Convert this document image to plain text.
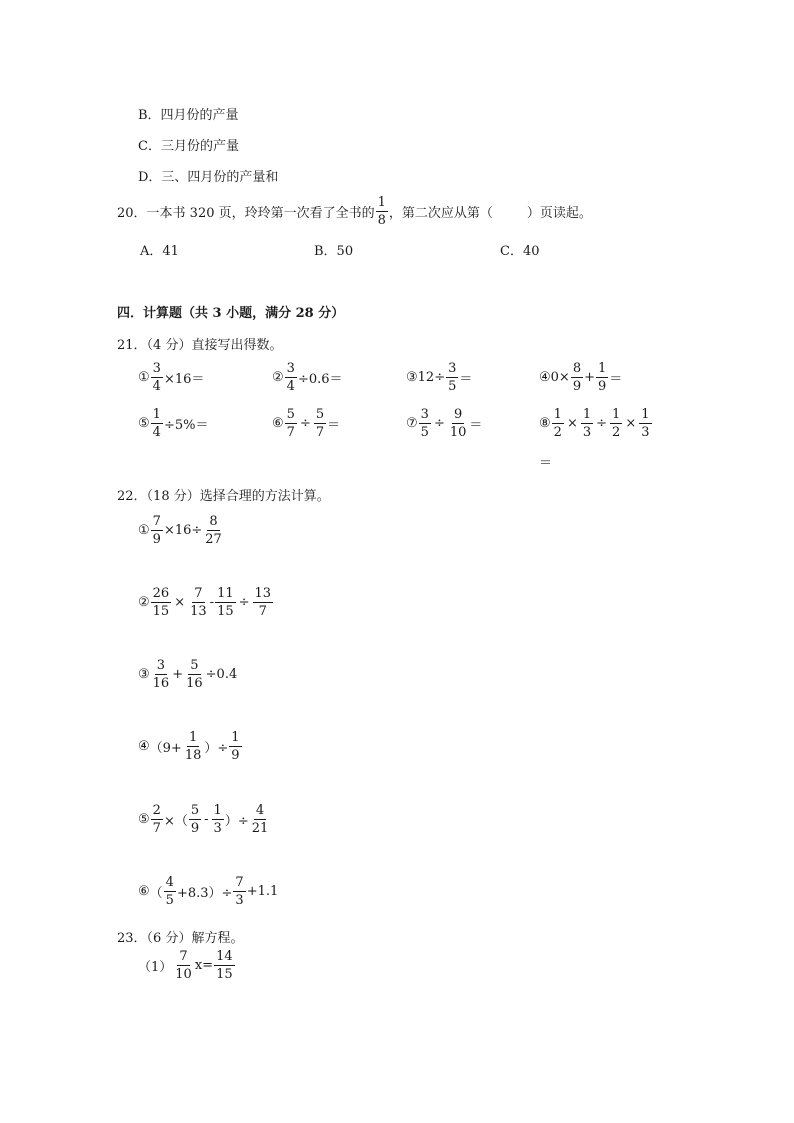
B．四月份的产量
C．三月份的产量
D．三、四月份的产量和
20．一本书 320 页，玲玲第一次看了全书的 $\frac{1}{8}$ ，第二次应从第（	）页读起。
A．41	B．50	C．40
四．计算题（共 3 小题，满分 28 分）
21．（4 分）直接写出得数。
① $\frac{3}{4} \times 16=$	② $\frac{3}{4} \div 0.6=$	③ $12\div \frac{3}{5}$ ＝	④ $0\times \frac{8}{9} + \frac{1}{9}$ ＝
⑤ $\frac{1}{4} \div 5\%=$	⑥ $\frac{5}{7} \div \frac{5}{7}$ ＝	⑦ $\frac{3}{5} \div \frac{9}{10}$ ＝	⑧ $\frac{1}{2} \times \frac{1}{3} \div \frac{1}{2} \times \frac{1}{3}$
＝
22．（18 分）选择合理的方法计算。
① $\frac{7}{9} \times 16\div \frac{8}{27}$
② $\frac{26}{15} \times \frac{7}{13} - \frac{11}{15} \div \frac{13}{7}$
③ $\frac{3}{16} + \frac{5}{16} \div 0.4$
④ （$9+ \frac{1}{18}$ ）÷ $\frac{1}{9}$
⑤ $\frac{2}{7}$ ×（ $\frac{5}{9} - \frac{1}{3}$ ）÷ $\frac{4}{21}$
⑥ （ $\frac{4}{5} +8.3)\div \frac{7}{3} +1.1$
23．（6 分）解方程。
$(1) \frac{7}{10} x= \frac{14}{15}$
